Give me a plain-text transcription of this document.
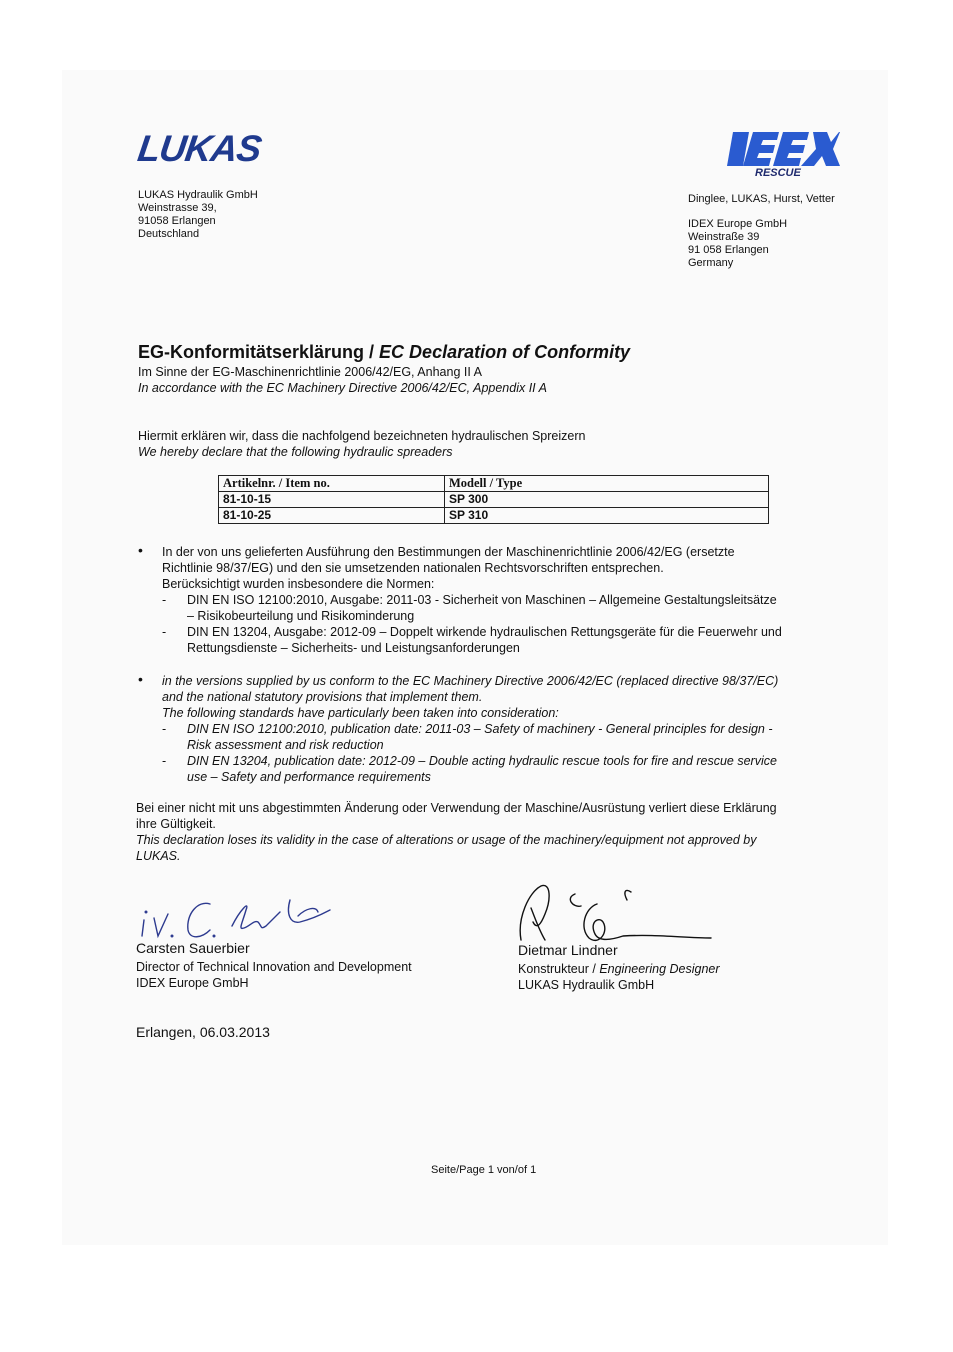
LUKAS
LUKAS Hydraulik GmbH
Weinstrasse 39,
91058 Erlangen
Deutschland
RESCUE
Dinglee, LUKAS, Hurst, Vetter
IDEX Europe GmbH
Weinstraße 39
91 058 Erlangen
Germany
EG-Konformitätserklärung / EC Declaration of Conformity
Im Sinne der EG-Maschinenrichtlinie 2006/42/EG, Anhang II A
In accordance with the EC Machinery Directive 2006/42/EC, Appendix II A
Hiermit erklären wir, dass die nachfolgend bezeichneten hydraulischen Spreizern
We hereby declare that the following hydraulic spreaders
Artikelnr. / Item no.	Modell / Type
81-10-15	SP 300
81-10-25	SP 310
• In der von uns gelieferten Ausführung den Bestimmungen der Maschinenrichtlinie 2006/42/EG (ersetzte
Richtlinie 98/37/EG) und den sie umsetzenden nationalen Rechtsvorschriften entsprechen.
Berücksichtigt wurden insbesondere die Normen:
- DIN EN ISO 12100:2010, Ausgabe: 2011-03 - Sicherheit von Maschinen – Allgemeine Gestaltungsleitsätze
– Risikobeurteilung und Risikominderung
- DIN EN 13204, Ausgabe: 2012-09 – Doppelt wirkende hydraulischen Rettungsgeräte für die Feuerwehr und
Rettungsdienste – Sicherheits- und Leistungsanforderungen
• in the versions supplied by us conform to the EC Machinery Directive 2006/42/EC (replaced directive 98/37/EC)
and the national statutory provisions that implement them.
The following standards have particularly been taken into consideration:
- DIN EN ISO 12100:2010, publication date: 2011-03 – Safety of machinery - General principles for design -
Risk assessment and risk reduction
- DIN EN 13204, publication date: 2012-09 – Double acting hydraulic rescue tools for fire and rescue service
use – Safety and performance requirements
Bei einer nicht mit uns abgestimmten Änderung oder Verwendung der Maschine/Ausrüstung verliert diese Erklärung
ihre Gültigkeit.
This declaration loses its validity in the case of alterations or usage of the machinery/equipment not approved by
LUKAS.
Carsten Sauerbier
Director of Technical Innovation and Development
IDEX Europe GmbH
Dietmar Lindner
Konstrukteur / Engineering Designer
LUKAS Hydraulik GmbH
Erlangen, 06.03.2013
Seite/Page 1 von/of 1
